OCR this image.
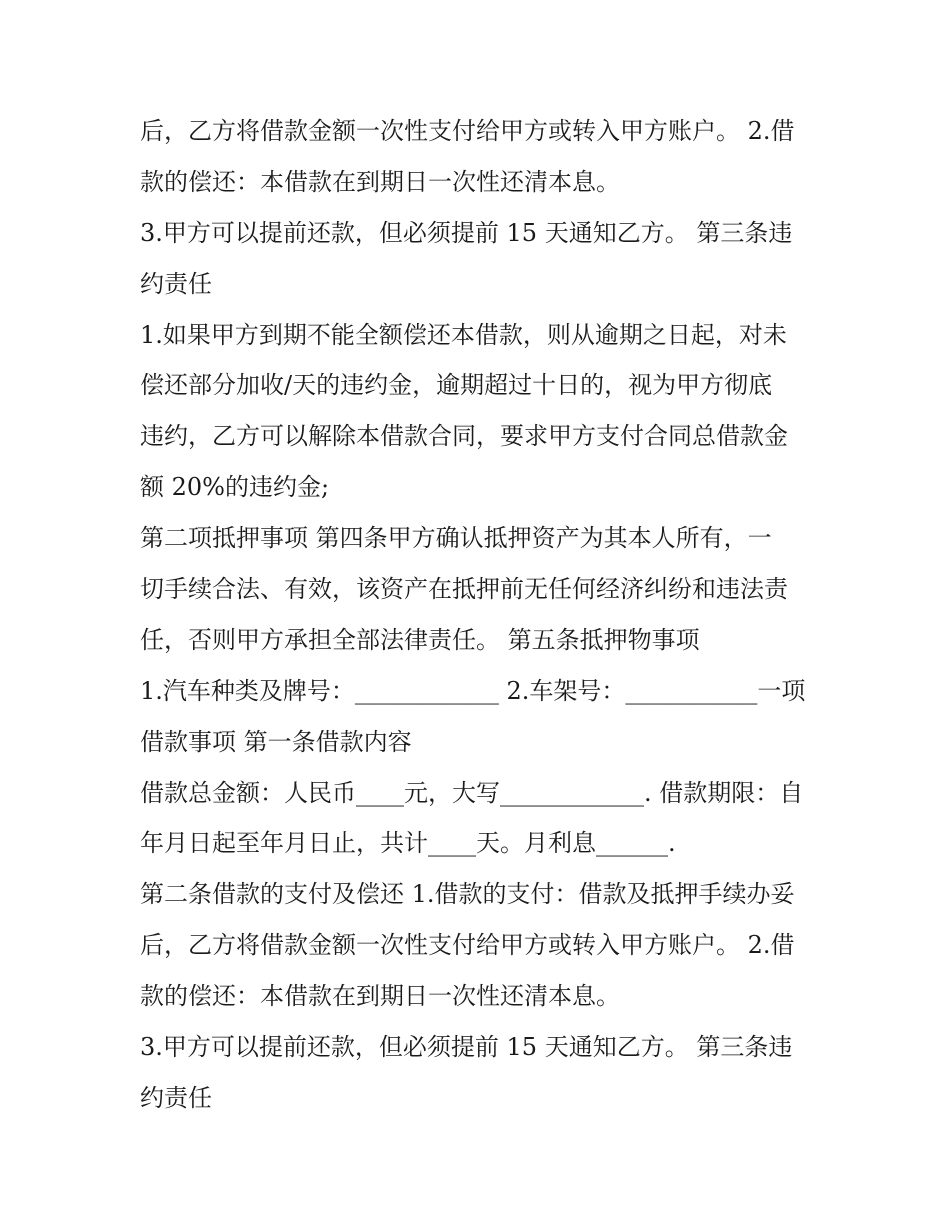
后，乙方将借款金额一次性支付给甲方或转入甲方账户。 2.借
款的偿还：本借款在到期日一次性还清本息。
3.甲方可以提前还款，但必须提前 15 天通知乙方。 第三条违
约责任
1.如果甲方到期不能全额偿还本借款，则从逾期之日起，对未
偿还部分加收/天的违约金，逾期超过十日的，视为甲方彻底
违约，乙方可以解除本借款合同，要求甲方支付合同总借款金
额 20%的违约金;
第二项抵押事项 第四条甲方确认抵押资产为其本人所有，一
切手续合法、有效，该资产在抵押前无任何经济纠纷和违法责
任，否则甲方承担全部法律责任。 第五条抵押物事项
1.汽车种类及牌号：____________ 2.车架号：___________一项
借款事项 第一条借款内容
借款总金额：人民币____元，大写____________. 借款期限：自
年月日起至年月日止，共计____天。月利息______.
第二条借款的支付及偿还 1.借款的支付：借款及抵押手续办妥
后，乙方将借款金额一次性支付给甲方或转入甲方账户。 2.借
款的偿还：本借款在到期日一次性还清本息。
3.甲方可以提前还款，但必须提前 15 天通知乙方。 第三条违
约责任
